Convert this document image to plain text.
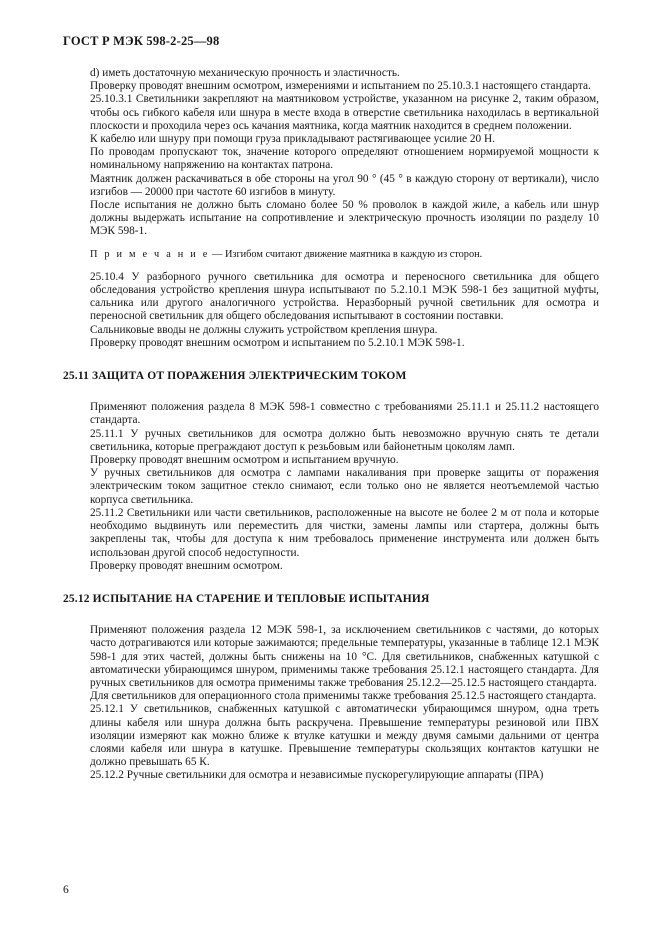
ГОСТ Р МЭК 598-2-25—98

d) иметь достаточную механическую прочность и эластичность.

Проверку проводят внешним осмотром, измерениями и испытанием по 25.10.3.1 настоящего стандарта.

25.10.3.1 Светильники закрепляют на маятниковом устройстве, указанном на рисунке 2, таким образом, чтобы ось гибкого кабеля или шнура в месте входа в отверстие светильника находилась в вертикальной плоскости и проходила через ось качания маятника, когда маятник находится в среднем положении.

К кабелю или шнуру при помощи груза прикладывают растягивающее усилие 20 Н.

По проводам пропускают ток, значение которого определяют отношением нормируемой мощности к номинальному напряжению на контактах патрона.

Маятник должен раскачиваться в обе стороны на угол 90 ° (45 ° в каждую сторону от вертикали), число изгибов — 20000 при частоте 60 изгибов в минуту.

После испытания не должно быть сломано более 50 % проволок в каждой жиле, а кабель или шнур должны выдержать испытание на сопротивление и электрическую прочность изоляции по разделу 10 МЭК 598-1.

П р и м е ч а н и е — Изгибом считают движение маятника в каждую из сторон.

25.10.4 У разборного ручного светильника для осмотра и переносного светильника для общего обследования устройство крепления шнура испытывают по 5.2.10.1 МЭК 598-1 без защитной муфты, сальника или другого аналогичного устройства. Неразборный ручной светильник для осмотра и переносной светильник для общего обследования испытывают в состоянии поставки.

Сальниковые вводы не должны служить устройством крепления шнура.

Проверку проводят внешним осмотром и испытанием по 5.2.10.1 МЭК 598-1.

25.11 ЗАЩИТА ОТ ПОРАЖЕНИЯ ЭЛЕКТРИЧЕСКИМ ТОКОМ

Применяют положения раздела 8 МЭК 598-1 совместно с требованиями 25.11.1 и 25.11.2 настоящего стандарта.

25.11.1 У ручных светильников для осмотра должно быть невозможно вручную снять те детали светильника, которые преграждают доступ к резьбовым или байонетным цоколям ламп.

Проверку проводят внешним осмотром и испытанием вручную.

У ручных светильников для осмотра с лампами накаливания при проверке защиты от поражения электрическим током защитное стекло снимают, если только оно не является неотъемлемой частью корпуса светильника.

25.11.2 Светильники или части светильников, расположенные на высоте не более 2 м от пола и которые необходимо выдвинуть или переместить для чистки, замены лампы или стартера, должны быть закреплены так, чтобы для доступа к ним требовалось применение инструмента или должен быть использован другой способ недоступности.

Проверку проводят внешним осмотром.

25.12 ИСПЫТАНИЕ НА СТАРЕНИЕ И ТЕПЛОВЫЕ ИСПЫТАНИЯ

Применяют положения раздела 12 МЭК 598-1, за исключением светильников с частями, до которых часто дотрагиваются или которые зажимаются; предельные температуры, указанные в таблице 12.1 МЭК 598-1 для этих частей, должны быть снижены на 10 °С. Для светильников, снабженных катушкой с автоматически убирающимся шнуром, применимы также требования 25.12.1 настоящего стандарта. Для ручных светильников для осмотра применимы также требования 25.12.2—25.12.5 настоящего стандарта.

Для светильников для операционного стола применимы также требования 25.12.5 настоящего стандарта.

25.12.1 У светильников, снабженных катушкой с автоматически убирающимся шнуром, одна треть длины кабеля или шнура должна быть раскручена. Превышение температуры резиновой или ПВХ изоляции измеряют как можно ближе к втулке катушки и между двумя самыми дальними от центра слоями кабеля или шнура в катушке. Превышение температуры скользящих контактов катушки не должно превышать 65 К.

25.12.2 Ручные светильники для осмотра и независимые пускорегулирующие аппараты (ПРА)

6
